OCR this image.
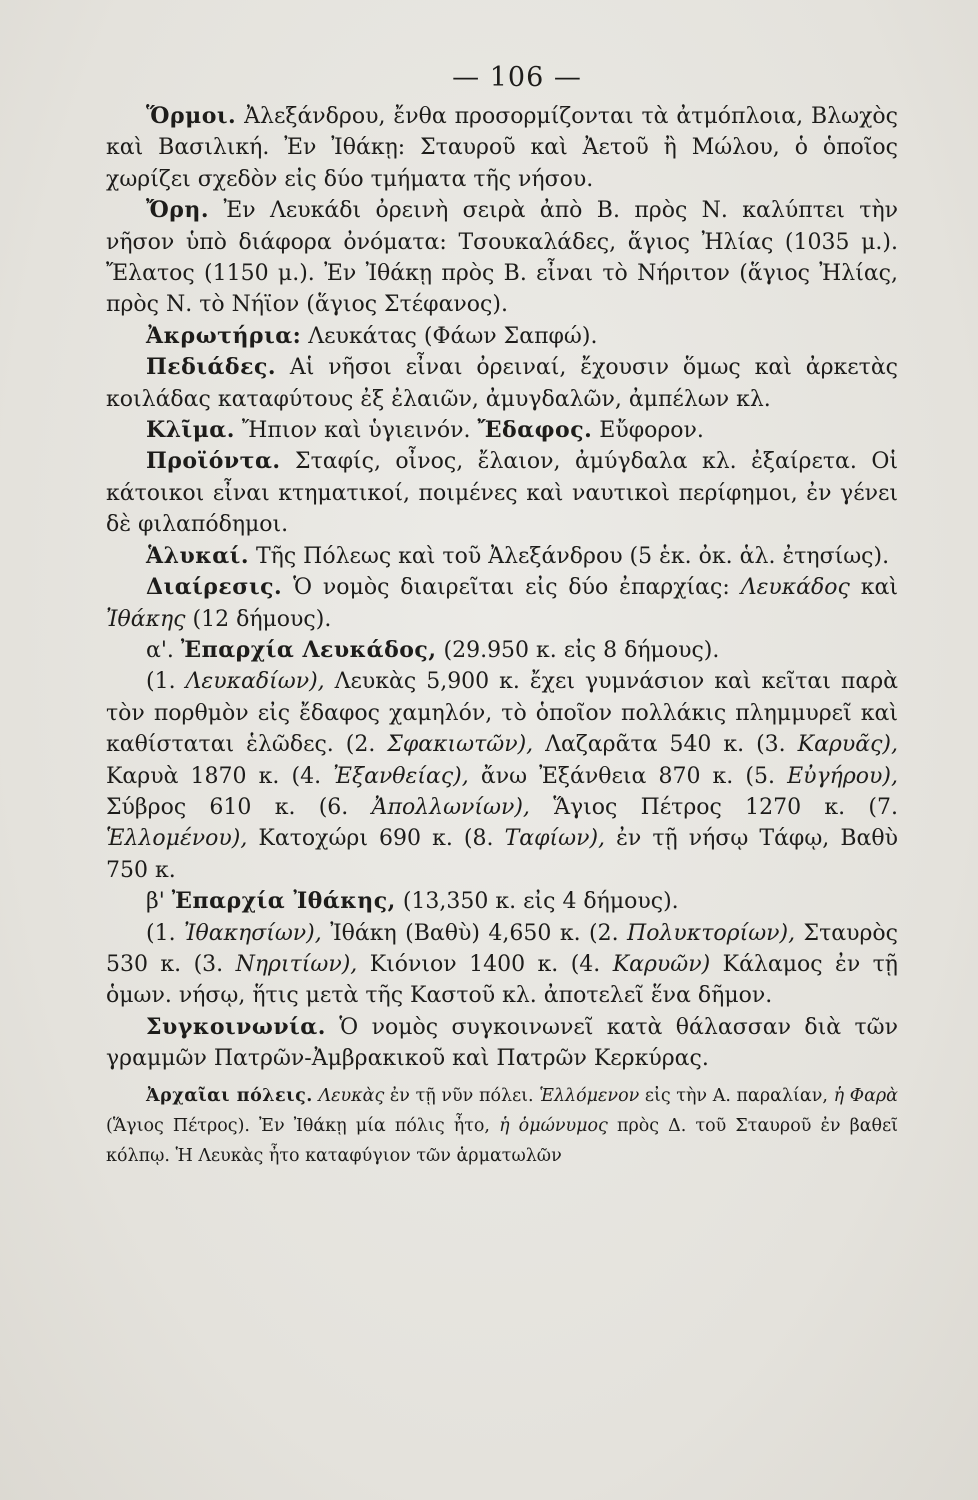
— 106 —

Ὅρμοι. Ἀλεξάνδρου, ἔνθα προσορμίζονται τὰ ἀτμόπλοια, Βλωχὸς καὶ Βασιλική. Ἐν Ἰθάκῃ: Σταυροῦ καὶ Ἀετοῦ ἢ Μώλου, ὁ ὁποῖος χωρίζει σχεδὸν εἰς δύο τμήματα τῆς νήσου.

Ὄρη. Ἐν Λευκάδι ὀρεινὴ σειρὰ ἀπὸ Β. πρὸς Ν. καλύπτει τὴν νῆσον ὑπὸ διάφορα ὀνόματα: Τσουκαλάδες, ἅγιος Ἠλίας (1035 μ.). Ἔλατος (1150 μ.). Ἐν Ἰθάκῃ πρὸς Β. εἶναι τὸ Νήριτον (ἅγιος Ἠλίας, πρὸς Ν. τὸ Νήϊον (ἅγιος Στέφανος).

Ἀκρωτήρια: Λευκάτας (Φάων Σαπφώ).

Πεδιάδες. Αἱ νῆσοι εἶναι ὀρειναί, ἔχουσιν ὅμως καὶ ἀρκετὰς κοιλάδας καταφύτους ἐξ ἐλαιῶν, ἀμυγδαλῶν, ἀμπέλων κλ.

Κλῖμα. Ἤπιον καὶ ὑγιεινόν. Ἔδαφος. Εὔφορον.

Προϊόντα. Σταφίς, οἶνος, ἔλαιον, ἀμύγδαλα κλ. ἐξαίρετα. Οἱ κάτοικοι εἶναι κτηματικοί, ποιμένες καὶ ναυτικοὶ περίφημοι, ἐν γένει δὲ φιλαπόδημοι.

Ἁλυκαί. Τῆς Πόλεως καὶ τοῦ Ἀλεξάνδρου (5 ἑκ. ὀκ. ἁλ. ἐτησίως).

Διαίρεσις. Ὁ νομὸς διαιρεῖται εἰς δύο ἐπαρχίας: Λευκάδος καὶ Ἰθάκης (12 δήμους).

α'. Ἐπαρχία Λευκάδος, (29.950 κ. εἰς 8 δήμους).

(1. Λευκαδίων), Λευκὰς 5,900 κ. ἔχει γυμνάσιον καὶ κεῖται παρὰ τὸν πορθμὸν εἰς ἔδαφος χαμηλόν, τὸ ὁποῖον πολλάκις πλημμυρεῖ καὶ καθίσταται ἑλῶδες. (2. Σφακιωτῶν), Λαζαρᾶτα 540 κ. (3. Καρυᾶς), Καρυὰ 1870 κ. (4. Ἐξανθείας), ἄνω Ἐξάνθεια 870 κ. (5. Εὐγήρου), Σύβρος 610 κ. (6. Ἀπολλωνίων), Ἅγιος Πέτρος 1270 κ. (7. Ἑλλομένου), Κατοχώρι 690 κ. (8. Ταφίων), ἐν τῇ νήσῳ Τάφῳ, Βαθὺ 750 κ.

β' Ἐπαρχία Ἰθάκης, (13,350 κ. εἰς 4 δήμους).

(1. Ἰθακησίων), Ἰθάκη (Βαθὺ) 4,650 κ. (2. Πολυκτορίων), Σταυρὸς 530 κ. (3. Νηριτίων), Κιόνιον 1400 κ. (4. Καρυῶν) Κάλαμος ἐν τῇ ὁμων. νήσῳ, ἥτις μετὰ τῆς Καστοῦ κλ. ἀποτελεῖ ἕνα δῆμον.

Συγκοινωνία. Ὁ νομὸς συγκοινωνεῖ κατὰ θάλασσαν διὰ τῶν γραμμῶν Πατρῶν-Ἀμβρακικοῦ καὶ Πατρῶν Κερκύρας.

Ἀρχαῖαι πόλεις. Λευκὰς ἐν τῇ νῦν πόλει. Ἑλλόμενον εἰς τὴν Α. παραλίαν, ἡ Φαρὰ (Ἅγιος Πέτρος). Ἐν Ἰθάκῃ μία πόλις ἦτο, ἡ ὁμώνυμος πρὸς Δ. τοῦ Σταυροῦ ἐν βαθεῖ κόλπῳ. Ἡ Λευκὰς ἦτο καταφύγιον τῶν ἁρματωλῶν
